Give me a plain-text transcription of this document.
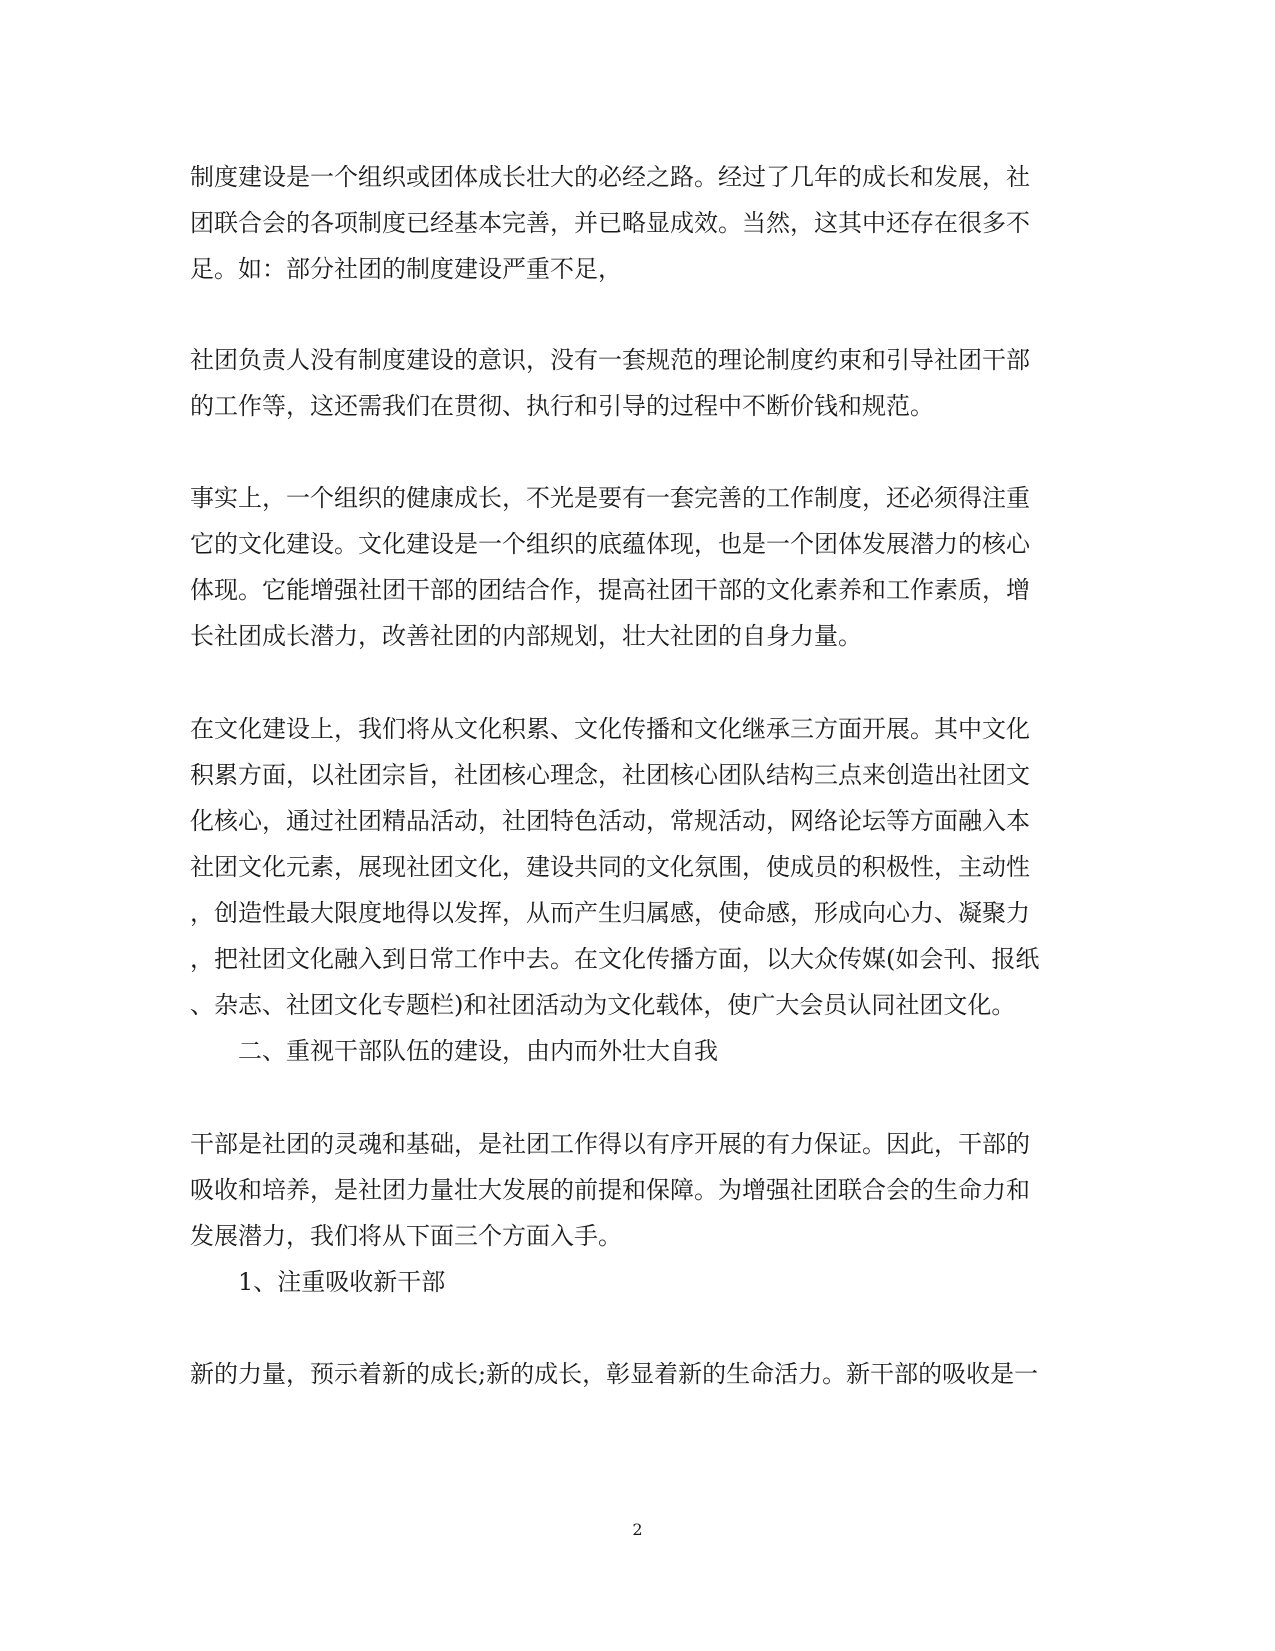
制度建设是一个组织或团体成长壮大的必经之路。经过了几年的成长和发展，社
团联合会的各项制度已经基本完善，并已略显成效。当然，这其中还存在很多不
足。如：部分社团的制度建设严重不足，
社团负责人没有制度建设的意识，没有一套规范的理论制度约束和引导社团干部
的工作等，这还需我们在贯彻、执行和引导的过程中不断价钱和规范。
事实上，一个组织的健康成长，不光是要有一套完善的工作制度，还必须得注重
它的文化建设。文化建设是一个组织的底蕴体现，也是一个团体发展潜力的核心
体现。它能增强社团干部的团结合作，提高社团干部的文化素养和工作素质，增
长社团成长潜力，改善社团的内部规划，壮大社团的自身力量。
在文化建设上，我们将从文化积累、文化传播和文化继承三方面开展。其中文化
积累方面，以社团宗旨，社团核心理念，社团核心团队结构三点来创造出社团文
化核心，通过社团精品活动，社团特色活动，常规活动，网络论坛等方面融入本
社团文化元素，展现社团文化，建设共同的文化氛围，使成员的积极性，主动性
，创造性最大限度地得以发挥，从而产生归属感，使命感，形成向心力、凝聚力
，把社团文化融入到日常工作中去。在文化传播方面，以大众传媒(如会刊、报纸
、杂志、社团文化专题栏)和社团活动为文化载体，使广大会员认同社团文化。
二、重视干部队伍的建设，由内而外壮大自我
干部是社团的灵魂和基础，是社团工作得以有序开展的有力保证。因此，干部的
吸收和培养，是社团力量壮大发展的前提和保障。为增强社团联合会的生命力和
发展潜力，我们将从下面三个方面入手。
1、注重吸收新干部
新的力量，预示着新的成长;新的成长，彰显着新的生命活力。新干部的吸收是一
2
